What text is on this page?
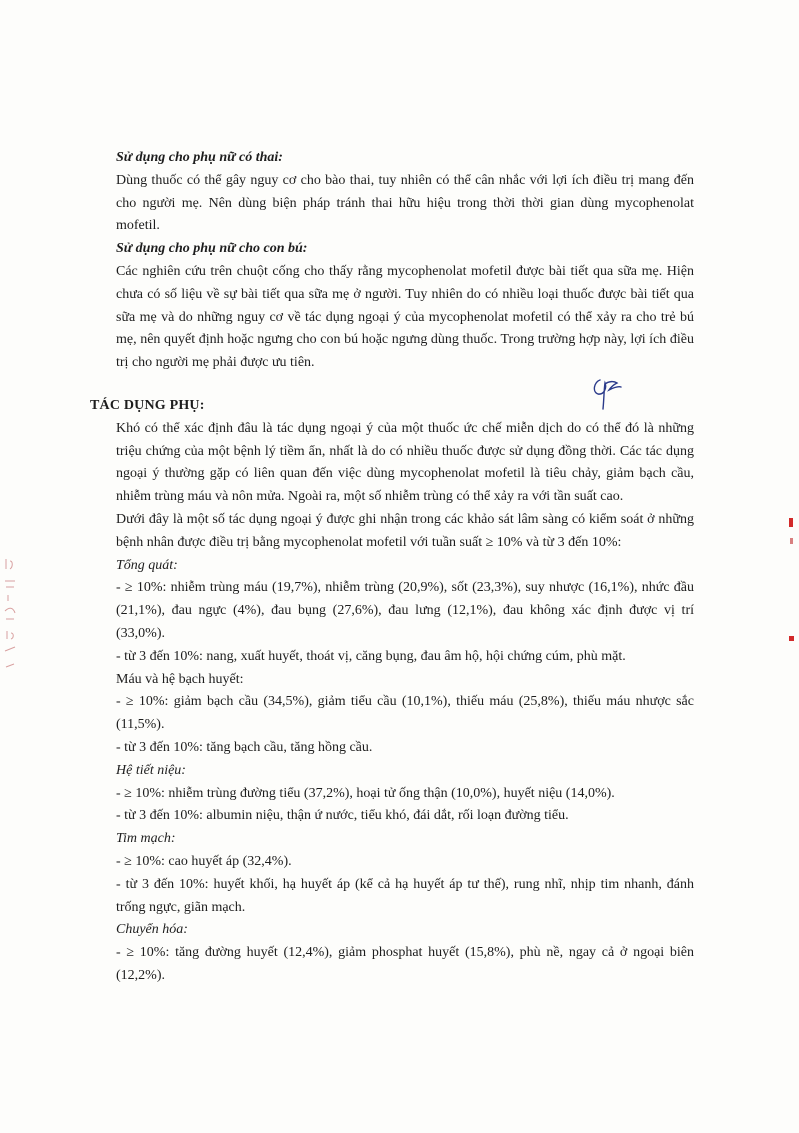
Sử dụng cho phụ nữ có thai:

Dùng thuốc có thể gây nguy cơ cho bào thai, tuy nhiên có thể cân nhắc với lợi ích điều trị mang đến cho người mẹ. Nên dùng biện pháp tránh thai hữu hiệu trong thời thời gian dùng mycophenolat mofetil.

Sử dụng cho phụ nữ cho con bú:

Các nghiên cứu trên chuột cống cho thấy rằng mycophenolat mofetil được bài tiết qua sữa mẹ. Hiện chưa có số liệu về sự bài tiết qua sữa mẹ ở người. Tuy nhiên do có nhiều loại thuốc được bài tiết qua sữa mẹ và do những nguy cơ về tác dụng ngoại ý của mycophenolat mofetil có thể xảy ra cho trẻ bú mẹ, nên quyết định hoặc ngưng cho con bú hoặc ngưng dùng thuốc. Trong trường hợp này, lợi ích điều trị cho người mẹ phải được ưu tiên.

TÁC DỤNG PHỤ:

Khó có thể xác định đâu là tác dụng ngoại ý của một thuốc ức chế miễn dịch do có thể đó là những triệu chứng của một bệnh lý tiềm ẩn, nhất là do có nhiều thuốc được sử dụng đồng thời. Các tác dụng ngoại ý thường gặp có liên quan đến việc dùng mycophenolat mofetil là tiêu chảy, giảm bạch cầu, nhiễm trùng máu và nôn mửa. Ngoài ra, một số nhiễm trùng có thể xảy ra với tần suất cao.

Dưới đây là một số tác dụng ngoại ý được ghi nhận trong các khảo sát lâm sàng có kiểm soát ở những bệnh nhân được điều trị bằng mycophenolat mofetil với tuần suất ≥ 10% và từ 3 đến 10%:

Tổng quát:

- ≥ 10%: nhiễm trùng máu (19,7%), nhiễm trùng (20,9%), sốt (23,3%), suy nhược (16,1%), nhức đầu (21,1%), đau ngực (4%), đau bụng (27,6%), đau lưng (12,1%), đau không xác định được vị trí (33,0%).

- từ 3 đến 10%: nang, xuất huyết, thoát vị, căng bụng, đau âm hộ, hội chứng cúm, phù mặt.

Máu và hệ bạch huyết:

- ≥ 10%: giảm bạch cầu (34,5%), giảm tiểu cầu (10,1%), thiếu máu (25,8%), thiếu máu nhược sắc (11,5%).

- từ 3 đến 10%: tăng bạch cầu, tăng hồng cầu.

Hệ tiết niệu:

- ≥ 10%: nhiễm trùng đường tiểu (37,2%), hoại tử ống thận (10,0%), huyết niệu (14,0%).

- từ 3 đến 10%: albumin niệu, thận ứ nước, tiểu khó, đái dắt, rối loạn đường tiểu.

Tim mạch:

- ≥ 10%: cao huyết áp (32,4%).

- từ 3 đến 10%: huyết khối, hạ huyết áp (kể cả hạ huyết áp tư thế), rung nhĩ, nhịp tim nhanh, đánh trống ngực, giãn mạch.

Chuyển hóa:

- ≥ 10%: tăng đường huyết (12,4%), giảm phosphat huyết (15,8%), phù nề, ngay cả ở ngoại biên (12,2%).
